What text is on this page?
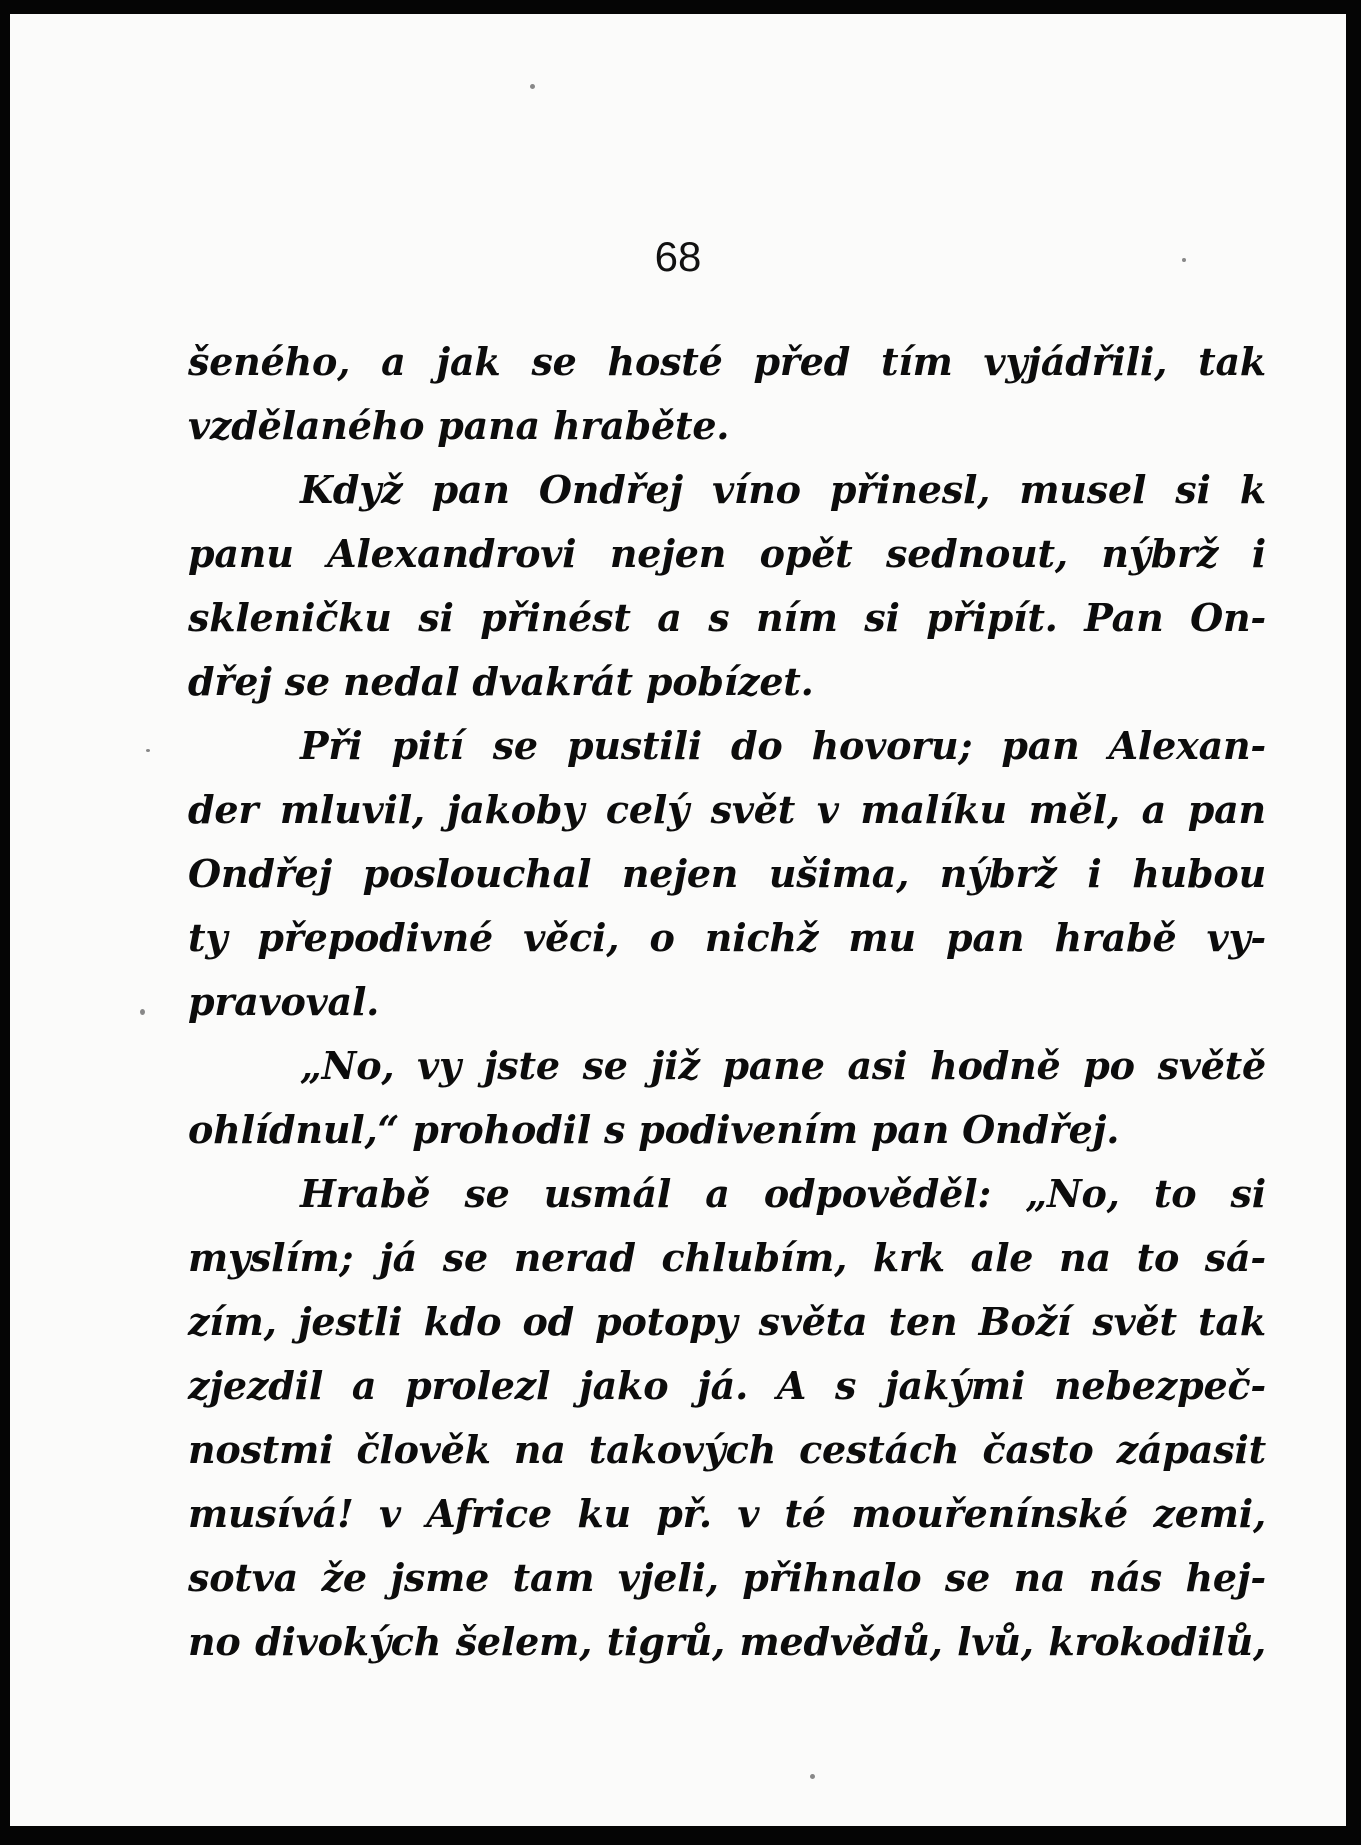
68
šeného, a jak se hosté před tím vyjádřili, tak
vzdělaného pana hraběte.
Když pan Ondřej víno přinesl, musel si k
panu Alexandrovi nejen opět sednout, nýbrž i
skleničku si přinést a s ním si připít. Pan On-
dřej se nedal dvakrát pobízet.
Při pití se pustili do hovoru; pan Alexan-
der mluvil, jakoby celý svět v malíku měl, a pan
Ondřej poslouchal nejen ušima, nýbrž i hubou
ty přepodivné věci, o nichž mu pan hrabě vy-
pravoval.
„No, vy jste se již pane asi hodně po světě
ohlídnul,“ prohodil s podivením pan Ondřej.
Hrabě se usmál a odpověděl: „No, to si
myslím; já se nerad chlubím, krk ale na to sá-
zím, jestli kdo od potopy světa ten Boží svět tak
zjezdil a prolezl jako já. A s jakými nebezpeč-
nostmi člověk na takových cestách často zápasit
musívá! v Africe ku př. v té mouřenínské zemi,
sotva že jsme tam vjeli, přihnalo se na nás hej-
no divokých šelem, tigrů, medvědů, lvů, krokodilů,
